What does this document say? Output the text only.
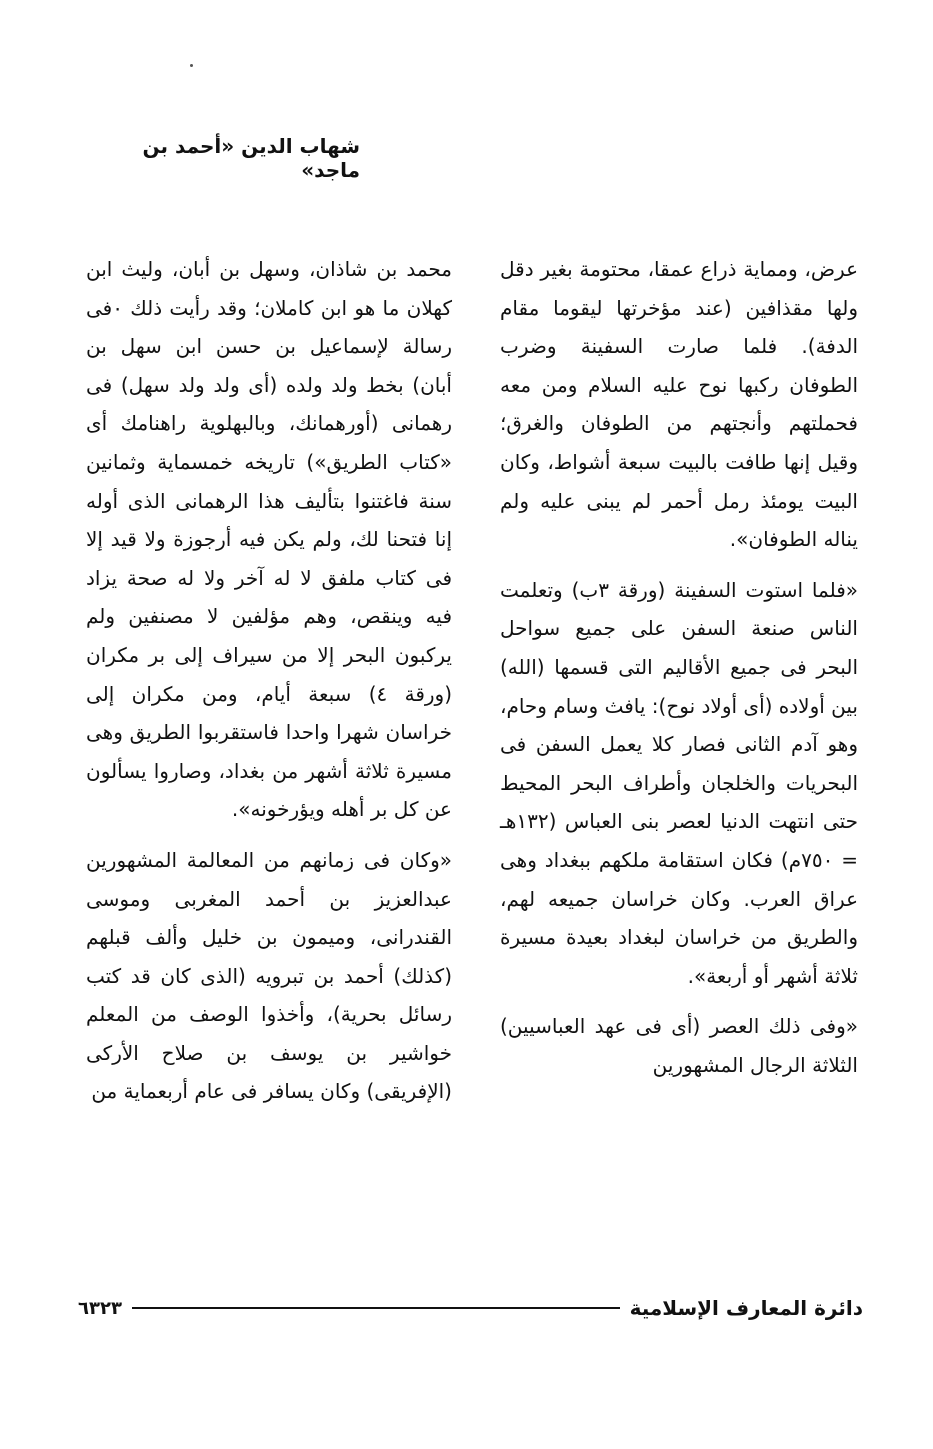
شهاب الدين «أحمد بن ماجد»

عرض، ومماية ذراع عمقا، محتومة بغير دقل ولها مقذافين (عند مؤخرتها ليقوما مقام الدفة). فلما صارت السفينة وضرب الطوفان ركبها نوح عليه السلام ومن معه فحملتهم وأنجتهم من الطوفان والغرق؛ وقيل إنها طافت بالبيت سبعة أشواط، وكان البيت يومئذ رمل أحمر لم يبنى عليه ولم يناله الطوفان».

«فلما استوت السفينة (ورقة ٣ب) وتعلمت الناس صنعة السفن على جميع سواحل البحر فى جميع الأقاليم التى قسمها (الله) بين أولاده (أى أولاد نوح): يافث وسام وحام، وهو آدم الثانى فصار كلا يعمل السفن فى البحريات والخلجان وأطراف البحر المحيط حتى انتهت الدنيا لعصر بنى العباس (١٣٢هـ = ٧٥٠م) فكان استقامة ملكهم ببغداد وهى عراق العرب. وكان خراسان جميعه لهم، والطريق من خراسان لبغداد بعيدة مسيرة ثلاثة أشهر أو أربعة».

«وفى ذلك العصر (أى فى عهد العباسيين) الثلاثة الرجال المشهورين

محمد بن شاذان، وسهل بن أبان، وليث ابن كهلان ما هو ابن كاملان؛ وقد رأيت ذلك ٠فى رسالة لإسماعيل بن حسن ابن سهل بن أبان) بخط ولد ولده (أى ولد ولد سهل) فى رهمانى (أورهمانك، وبالبهلوية راهنامك أى «كتاب الطريق») تاريخه خمسماية وثمانين سنة فاغتنوا بتأليف هذا الرهمانى الذى أوله إنا فتحنا لك، ولم يكن فيه أرجوزة ولا قيد إلا فى كتاب ملفق لا له آخر ولا له صحة يزاد فيه وينقص، وهم مؤلفين لا مصنفين ولم يركبون البحر إلا من سيراف إلى بر مكران (ورقة ٤) سبعة أيام، ومن مكران إلى خراسان شهرا واحدا فاستقربوا الطريق وهى مسيرة ثلاثة أشهر من بغداد، وصاروا يسألون عن كل بر أهله ويؤرخونه».

«وكان فى زمانهم من المعالمة المشهورين عبدالعزيز بن أحمد المغربى وموسى القندرانى، وميمون بن خليل وألف قبلهم (كذلك) أحمد بن تبرويه (الذى كان قد كتب رسائل بحرية)، وأخذوا الوصف من المعلم خواشير بن يوسف بن صلاح الأركى (الإفريقى) وكان يسافر فى عام أربعماية من

دائرة المعارف الإسلامية
٦٣٢٣
